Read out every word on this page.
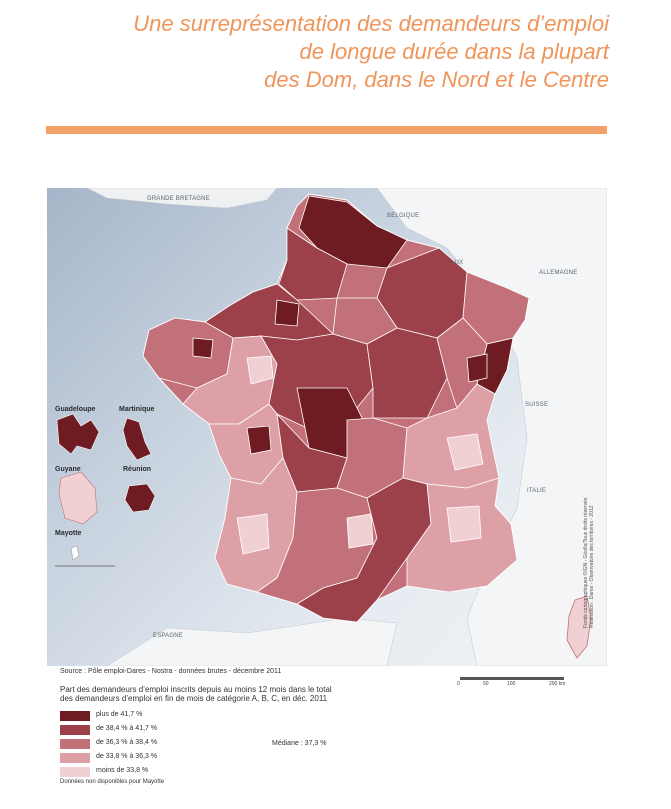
Une surreprésentation des demandeurs d’emploi
de longue durée dans la plupart
des Dom, dans le Nord et le Centre
GRANDE BRETAGNE
BELGIQUE
LUX
ALLEMAGNE
SUISSE
ITALIE
ESPAGNE
Guadeloupe	Martinique
Guyane	Réunion
Mayotte	Fonds cartographiques ©IGN - Géofla/Tous droits réservés Réalisation : Dares - Observatoire des territoires - 2012
0	50	100	200 km
Source : Pôle emploi-Dares - Nostra - données brutes - décembre 2011
Part des demandeurs d’emploi inscrits depuis au moins 12 mois dans le total
des demandeurs d’emploi en fin de mois de catégorie A, B, C, en déc. 2011
plus de 41,7 %
de 38,4 % à 41,7 %
de 36,3 % à 38,4 %
de 33,8 % à 36,3 %
moins de 33,8 %
Médiane : 37,3 %
Données non disponibles pour Mayotte
